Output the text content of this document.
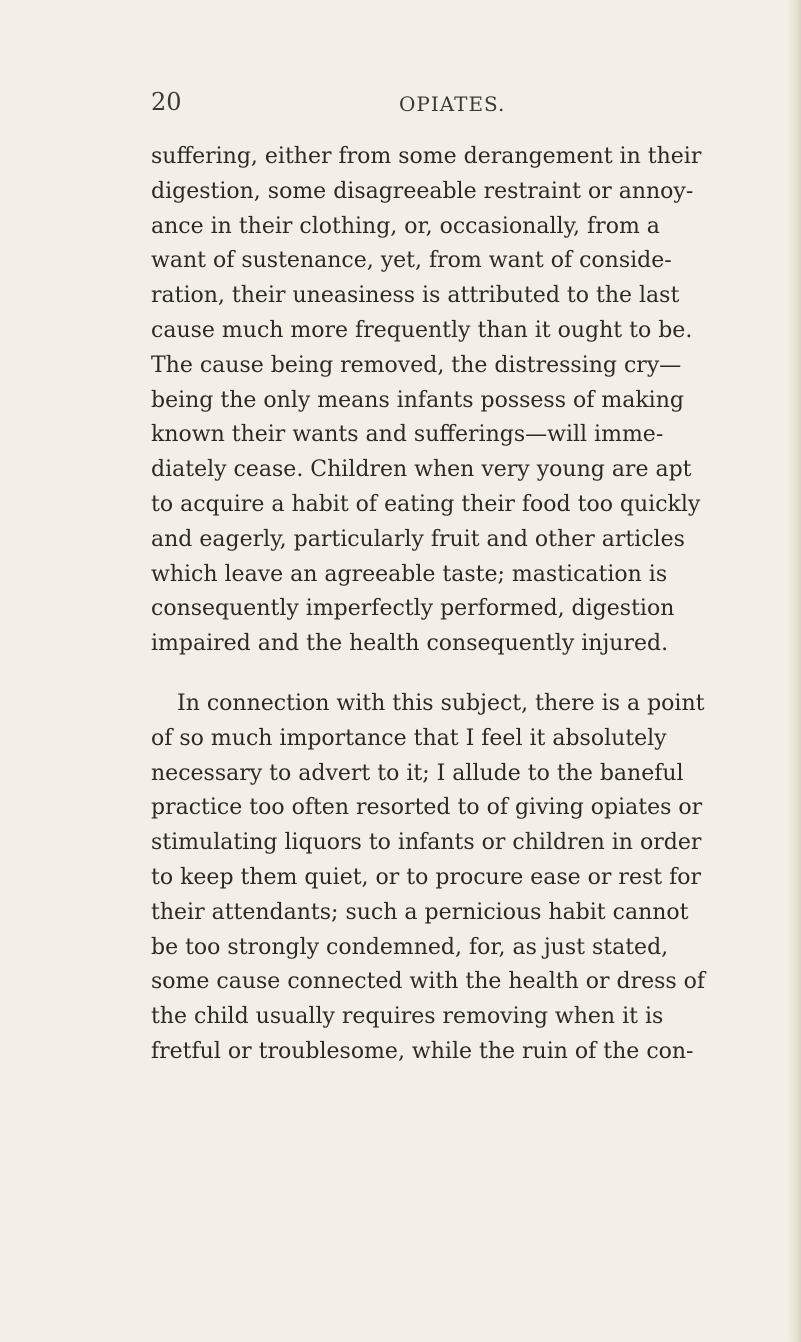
20	OPIATES.
suffering, either from some derangement in their
digestion, some disagreeable restraint or annoy-
ance in their clothing, or, occasionally, from a
want of sustenance, yet, from want of conside-
ration, their uneasiness is attributed to the last
cause much more frequently than it ought to be.
The cause being removed, the distressing cry—
being the only means infants possess of making
known their wants and sufferings—will imme-
diately cease. Children when very young are apt
to acquire a habit of eating their food too quickly
and eagerly, particularly fruit and other articles
which leave an agreeable taste; mastication is
consequently imperfectly performed, digestion
impaired and the health consequently injured.
In connection with this subject, there is a point
of so much importance that I feel it absolutely
necessary to advert to it; I allude to the baneful
practice too often resorted to of giving opiates or
stimulating liquors to infants or children in order
to keep them quiet, or to procure ease or rest for
their attendants; such a pernicious habit cannot
be too strongly condemned, for, as just stated,
some cause connected with the health or dress of
the child usually requires removing when it is
fretful or troublesome, while the ruin of the con-
